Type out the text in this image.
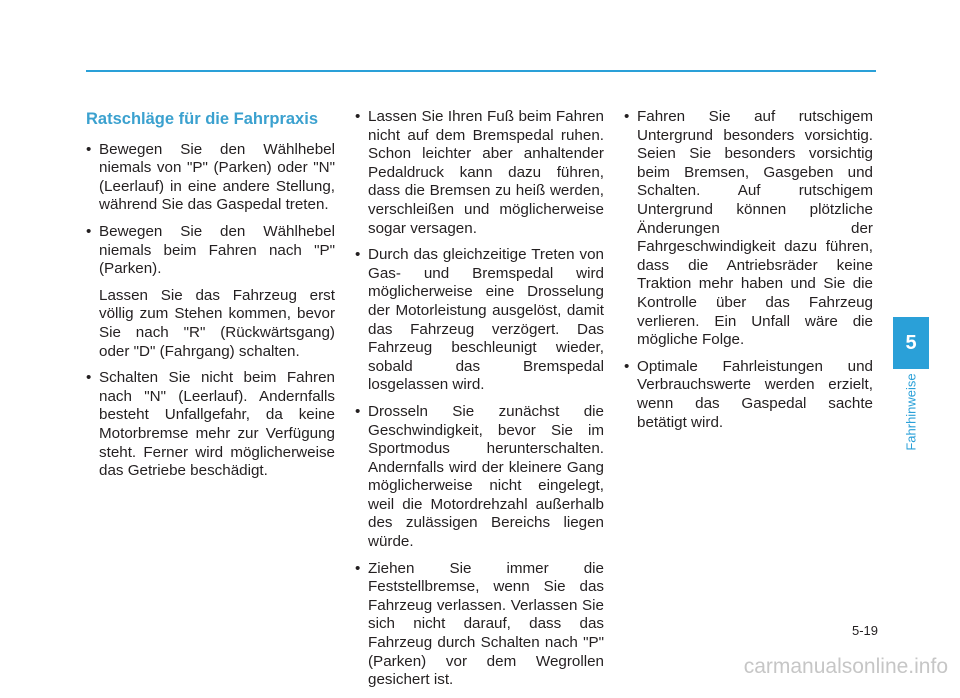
Ratschläge für die Fahrpraxis

• Bewegen Sie den Wählhebel niemals von "P" (Parken) oder "N" (Leerlauf) in eine andere Stellung, während Sie das Gaspedal treten.

• Bewegen Sie den Wählhebel niemals beim Fahren nach "P" (Parken).

Lassen Sie das Fahrzeug erst völlig zum Stehen kommen, bevor Sie nach "R" (Rückwärtsgang) oder "D" (Fahrgang) schalten.

• Schalten Sie nicht beim Fahren nach "N" (Leerlauf). Andernfalls besteht Unfallgefahr, da keine Motorbremse mehr zur Verfügung steht. Ferner wird möglicherweise das Getriebe beschädigt.

• Lassen Sie Ihren Fuß beim Fahren nicht auf dem Bremspedal ruhen. Schon leichter aber anhaltender Pedaldruck kann dazu führen, dass die Bremsen zu heiß werden, verschleißen und möglicherweise sogar versagen.

• Durch das gleichzeitige Treten von Gas- und Bremspedal wird möglicherweise eine Drosselung der Motorleistung ausgelöst, damit das Fahrzeug verzögert. Das Fahrzeug beschleunigt wieder, sobald das Bremspedal losgelassen wird.

• Drosseln Sie zunächst die Geschwindigkeit, bevor Sie im Sportmodus herunterschalten. Andernfalls wird der kleinere Gang möglicherweise nicht eingelegt, weil die Motordrehzahl außerhalb des zulässigen Bereichs liegen würde.

• Ziehen Sie immer die Feststellbremse, wenn Sie das Fahrzeug verlassen. Verlassen Sie sich nicht darauf, dass das Fahrzeug durch Schalten nach "P" (Parken) vor dem Wegrollen gesichert ist.

• Fahren Sie auf rutschigem Untergrund besonders vorsichtig. Seien Sie besonders vorsichtig beim Bremsen, Gasgeben und Schalten. Auf rutschigem Untergrund können plötzliche Änderungen der Fahrgeschwindigkeit dazu führen, dass die Antriebsräder keine Traktion mehr haben und Sie die Kontrolle über das Fahrzeug verlieren. Ein Unfall wäre die mögliche Folge.

• Optimale Fahrleistungen und Verbrauchswerte werden erzielt, wenn das Gaspedal sachte betätigt wird.

5
Fahrhinweise
5-19
carmanualsonline.info
